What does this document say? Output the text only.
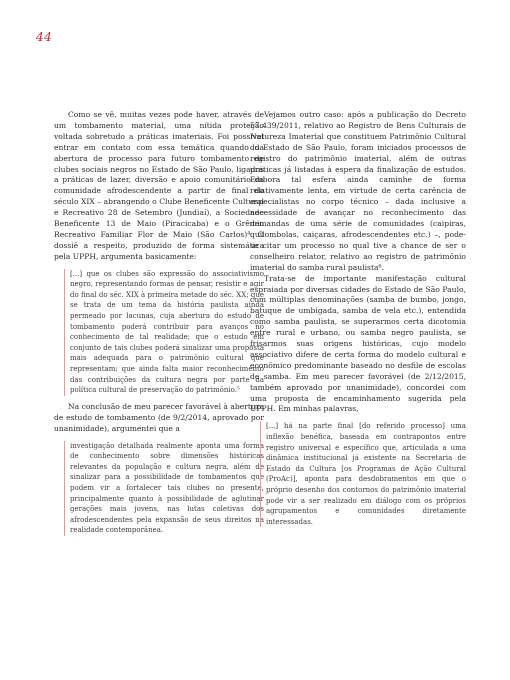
44

Como se vê, muitas vezes pode haver, através de um tombamento material, uma nítida proteção voltada sobretudo a práticas imateriais. Foi possível entrar em contato com essa temática quando da abertura de processo para futuro tombamento de clubes sociais negros no Estado de São Paulo, ligados a práticas de lazer, diversão e apoio comunitário da comunidade afrodescendente a partir de final do século XIX – abrangendo o Clube Beneficente Cultural e Recreativo 28 de Setembro (Jundiaí), a Sociedade Beneficente 13 de Maio (Piracicaba) e o Grêmio Recreativo Familiar Flor de Maio (São Carlos)⁴. O dossiê a respeito, produzido de forma sistemática pela UPPH, argumenta basicamente:

[...] que os clubes são expressão do associativismo negro, representando formas de pensar, resistir e agir do final do séc. XIX à primeira metade do séc. XX; que se trata de um tema da história paulista ainda permeado por lacunas, cuja abertura do estudo de tombamento poderá contribuir para avanços no conhecimento de tal realidade; que o estudo em conjunto de tais clubes poderá sinalizar uma proposta mais adequada para o patrimônio cultural que representam; que ainda falta maior reconhecimento das contribuições da cultura negra por parte da política cultural de preservação do patrimônio.⁵

Na conclusão de meu parecer favorável à abertura de estudo de tombamento (de 9/2/2014, aprovado por unanimidade), argumentei que a

investigação detalhada realmente aponta uma forma de conhecimento sobre dimensões históricas relevantes da população e cultura negra, além de sinalizar para a possibilidade de tombamentos que podem vir a fortalecer tais clubes no presente, principalmente quanto à possibilidade de aglutinar gerações mais jovens, nas lutas coletivas dos afrodescendentes pela expansão de seus direitos na realidade contemporânea.

Vejamos outro caso: após a publicação do Decreto 57.439/2011, relativo ao Registro de Bens Culturais de Natureza Imaterial que constituem Patrimônio Cultural do Estado de São Paulo, foram iniciados processos de registro do patrimônio imaterial, além de outras práticas já listadas à espera da finalização de estudos. Embora tal esfera ainda caminhe de forma relativamente lenta, em virtude de certa carência de especialistas no corpo técnico – dada inclusive a necessidade de avançar no reconhecimento das demandas de uma série de comunidades (caipiras, quilombolas, caiçaras, afrodescendentes etc.) –, pode-se citar um processo no qual tive a chance de ser o conselheiro relator, relativo ao registro de patrimônio imaterial do samba rural paulista⁶.

Trata-se de importante manifestação cultural espraiada por diversas cidades do Estado de São Paulo, com múltiplas denominações (samba de bumbo, jongo, batuque de umbigada, samba de vela etc.), entendida como samba paulista, se superarmos certa dicotomia entre rural e urbano, ou samba negro paulista, se frisarmos suas origens históricas, cujo modelo associativo difere de certa forma do modelo cultural e econômico predominante baseado no desfile de escolas de samba. Em meu parecer favorável (de 2/12/2015, também aprovado por unanimidade), concordei com uma proposta de encaminhamento sugerida pela UPPH. Em minhas palavras,

[...] há na parte final [do referido processo] uma inflexão benéfica, baseada em contrapontos entre registro universal e específico que, articulada a uma dinâmica institucional já existente na Secretaria de Estado da Cultura [os Programas de Ação Cultural (ProAc)], aponta para desdobramentos em que o próprio desenho dos contornos do patrimônio imaterial pode vir a ser realizado em diálogo com os próprios agrupamentos e comunidades diretamente interessadas.
